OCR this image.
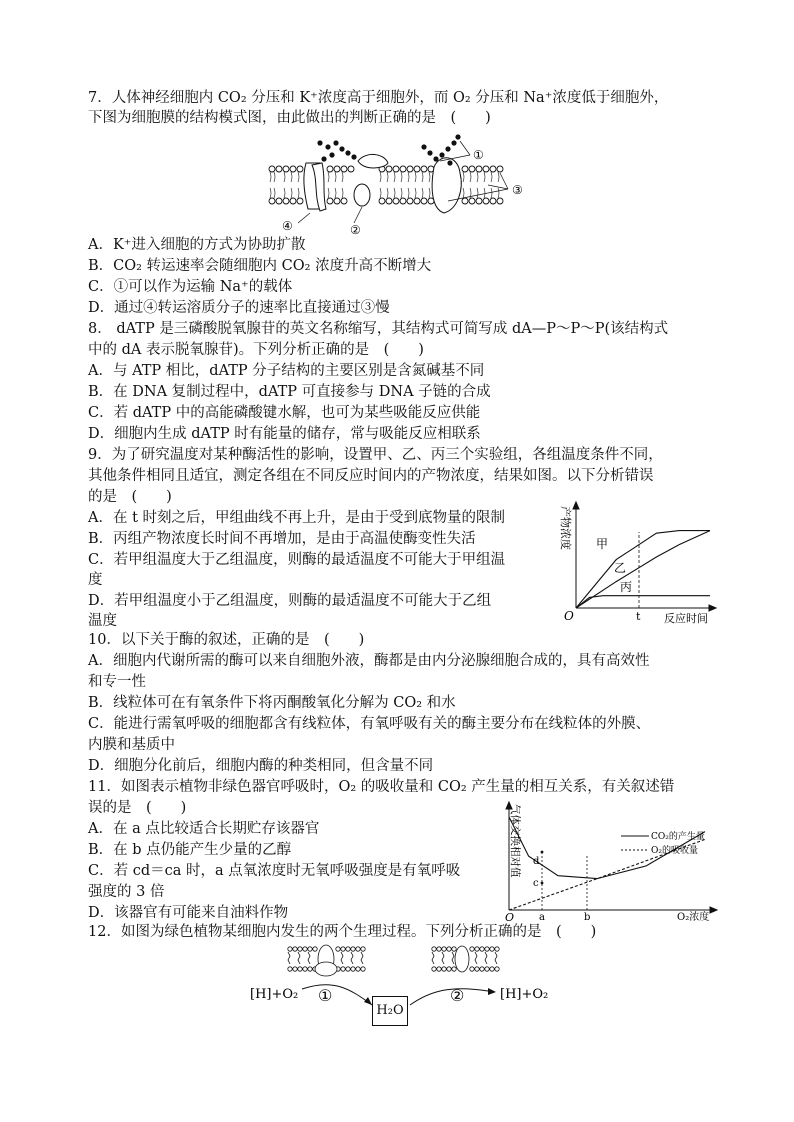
7．人体神经细胞内 CO₂ 分压和 K⁺浓度高于细胞外，而 O₂ 分压和 Na⁺浓度低于细胞外，
下图为细胞膜的结构模式图，由此做出的判断正确的是　(　　)
①
③
②
④
A．K⁺进入细胞的方式为协助扩散
B．CO₂ 转运速率会随细胞内 CO₂ 浓度升高不断增大
C．①可以作为运输 Na⁺的载体
D．通过④转运溶质分子的速率比直接通过③慢
8． dATP 是三磷酸脱氧腺苷的英文名称缩写，其结构式可简写成 dA—P～P～P(该结构式
中的 dA 表示脱氧腺苷)。下列分析正确的是　(　　)
A．与 ATP 相比，dATP 分子结构的主要区别是含氮碱基不同
B．在 DNA 复制过程中，dATP 可直接参与 DNA 子链的合成
C．若 dATP 中的高能磷酸键水解，也可为某些吸能反应供能
D．细胞内生成 dATP 时有能量的储存，常与吸能反应相联系
9．为了研究温度对某种酶活性的影响，设置甲、乙、丙三个实验组，各组温度条件不同，
其他条件相同且适宜，测定各组在不同反应时间内的产物浓度，结果如图。以下分析错误
的是　(　　)
A．在 t 时刻之后，甲组曲线不再上升，是由于受到底物量的限制
B．丙组产物浓度长时间不再增加，是由于高温使酶变性失活
C．若甲组温度大于乙组温度，则酶的最适温度不可能大于甲组温
度
D．若甲组温度小于乙组温度，则酶的最适温度不可能大于乙组
温度
产物浓度
O	t 反应时间
甲
乙
丙
10．以下关于酶的叙述，正确的是　(　　)
A．细胞内代谢所需的酶可以来自细胞外液，酶都是由内分泌腺细胞合成的，具有高效性
和专一性
B．线粒体可在有氧条件下将丙酮酸氧化分解为 CO₂ 和水
C．能进行需氧呼吸的细胞都含有线粒体，有氧呼吸有关的酶主要分布在线粒体的外膜、
内膜和基质中
D．细胞分化前后，细胞内酶的种类相同，但含量不同
11．如图表示植物非绿色器官呼吸时，O₂ 的吸收量和 CO₂ 产生量的相互关系，有关叙述错
误的是　(　　)
A．在 a 点比较适合长期贮存该器官
B．在 b 点仍能产生少量的乙醇
C．若 cd＝ca 时，a 点氧浓度时无氧呼吸强度是有氧呼吸
强度的 3 倍
D．该器官有可能来自油料作物
CO₂的产生量
O₂的吸收量
气体交换相对值
O a	b
c
d
O₂浓度
12．如图为绿色植物某细胞内发生的两个生理过程。下列分析正确的是　(　　)
[H]+O₂ ①	②	[H]+O₂
H₂O
